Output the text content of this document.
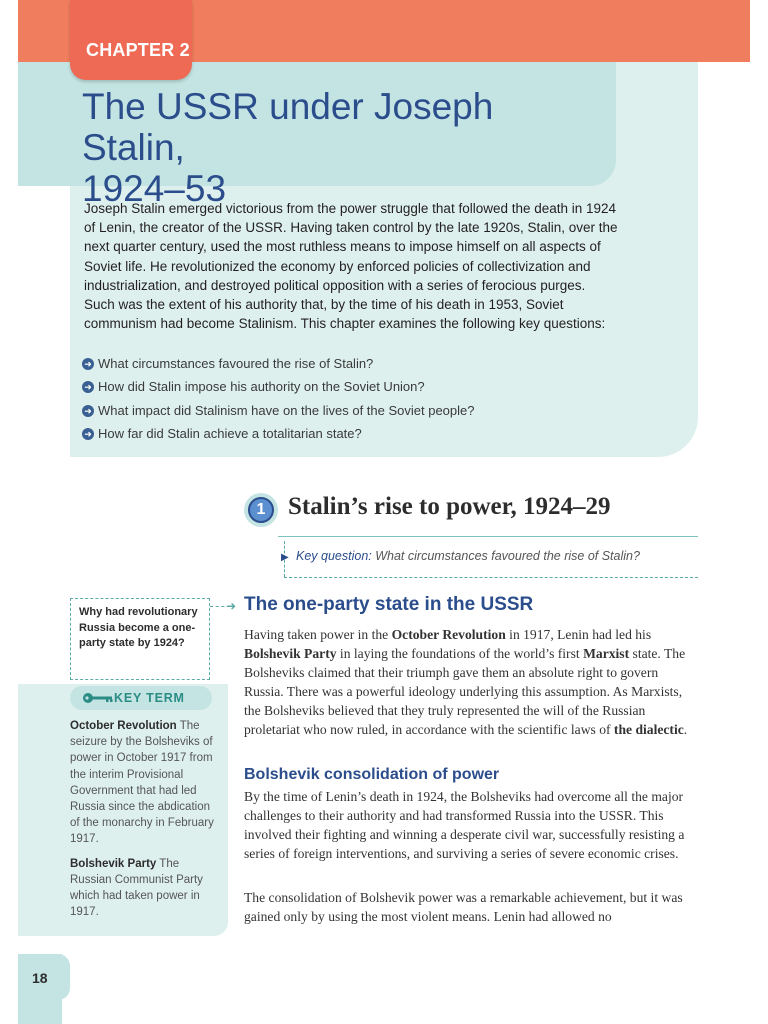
CHAPTER 2
The USSR under Joseph Stalin,
1924–53

Joseph Stalin emerged victorious from the power struggle that followed the death in 1924 of Lenin, the creator of the USSR. Having taken control by the late 1920s, Stalin, over the next quarter century, used the most ruthless means to impose himself on all aspects of Soviet life. He revolutionized the economy by enforced policies of collectivization and industrialization, and destroyed political opposition with a series of ferocious purges. Such was the extent of his authority that, by the time of his death in 1953, Soviet communism had become Stalinism. This chapter examines the following key questions:

➜ What circumstances favoured the rise of Stalin?
➜ How did Stalin impose his authority on the Soviet Union?
➜ What impact did Stalinism have on the lives of the Soviet people?
➜ How far did Stalin achieve a totalitarian state?
1 Stalin’s rise to power, 1924–29
▶ Key question: What circumstances favoured the rise of Stalin?

Why had revolutionary Russia become a one-party state by 1924?

➜
KEY TERM

October Revolution The seizure by the Bolsheviks of power in October 1917 from the interim Provisional Government that had led Russia since the abdication of the monarchy in February 1917.

Bolshevik Party The Russian Communist Party which had taken power in 1917.

The one-party state in the USSR

Having taken power in the October Revolution in 1917, Lenin had led his Bolshevik Party in laying the foundations of the world’s first Marxist state. The Bolsheviks claimed that their triumph gave them an absolute right to govern Russia. There was a powerful ideology underlying this assumption. As Marxists, the Bolsheviks believed that they truly represented the will of the Russian proletariat who now ruled, in accordance with the scientific laws of the dialectic.

Bolshevik consolidation of power

By the time of Lenin’s death in 1924, the Bolsheviks had overcome all the major challenges to their authority and had transformed Russia into the USSR. This involved their fighting and winning a desperate civil war, successfully resisting a series of foreign interventions, and surviving a series of severe economic crises.

The consolidation of Bolshevik power was a remarkable achievement, but it was gained only by using the most violent means. Lenin had allowed no

18
